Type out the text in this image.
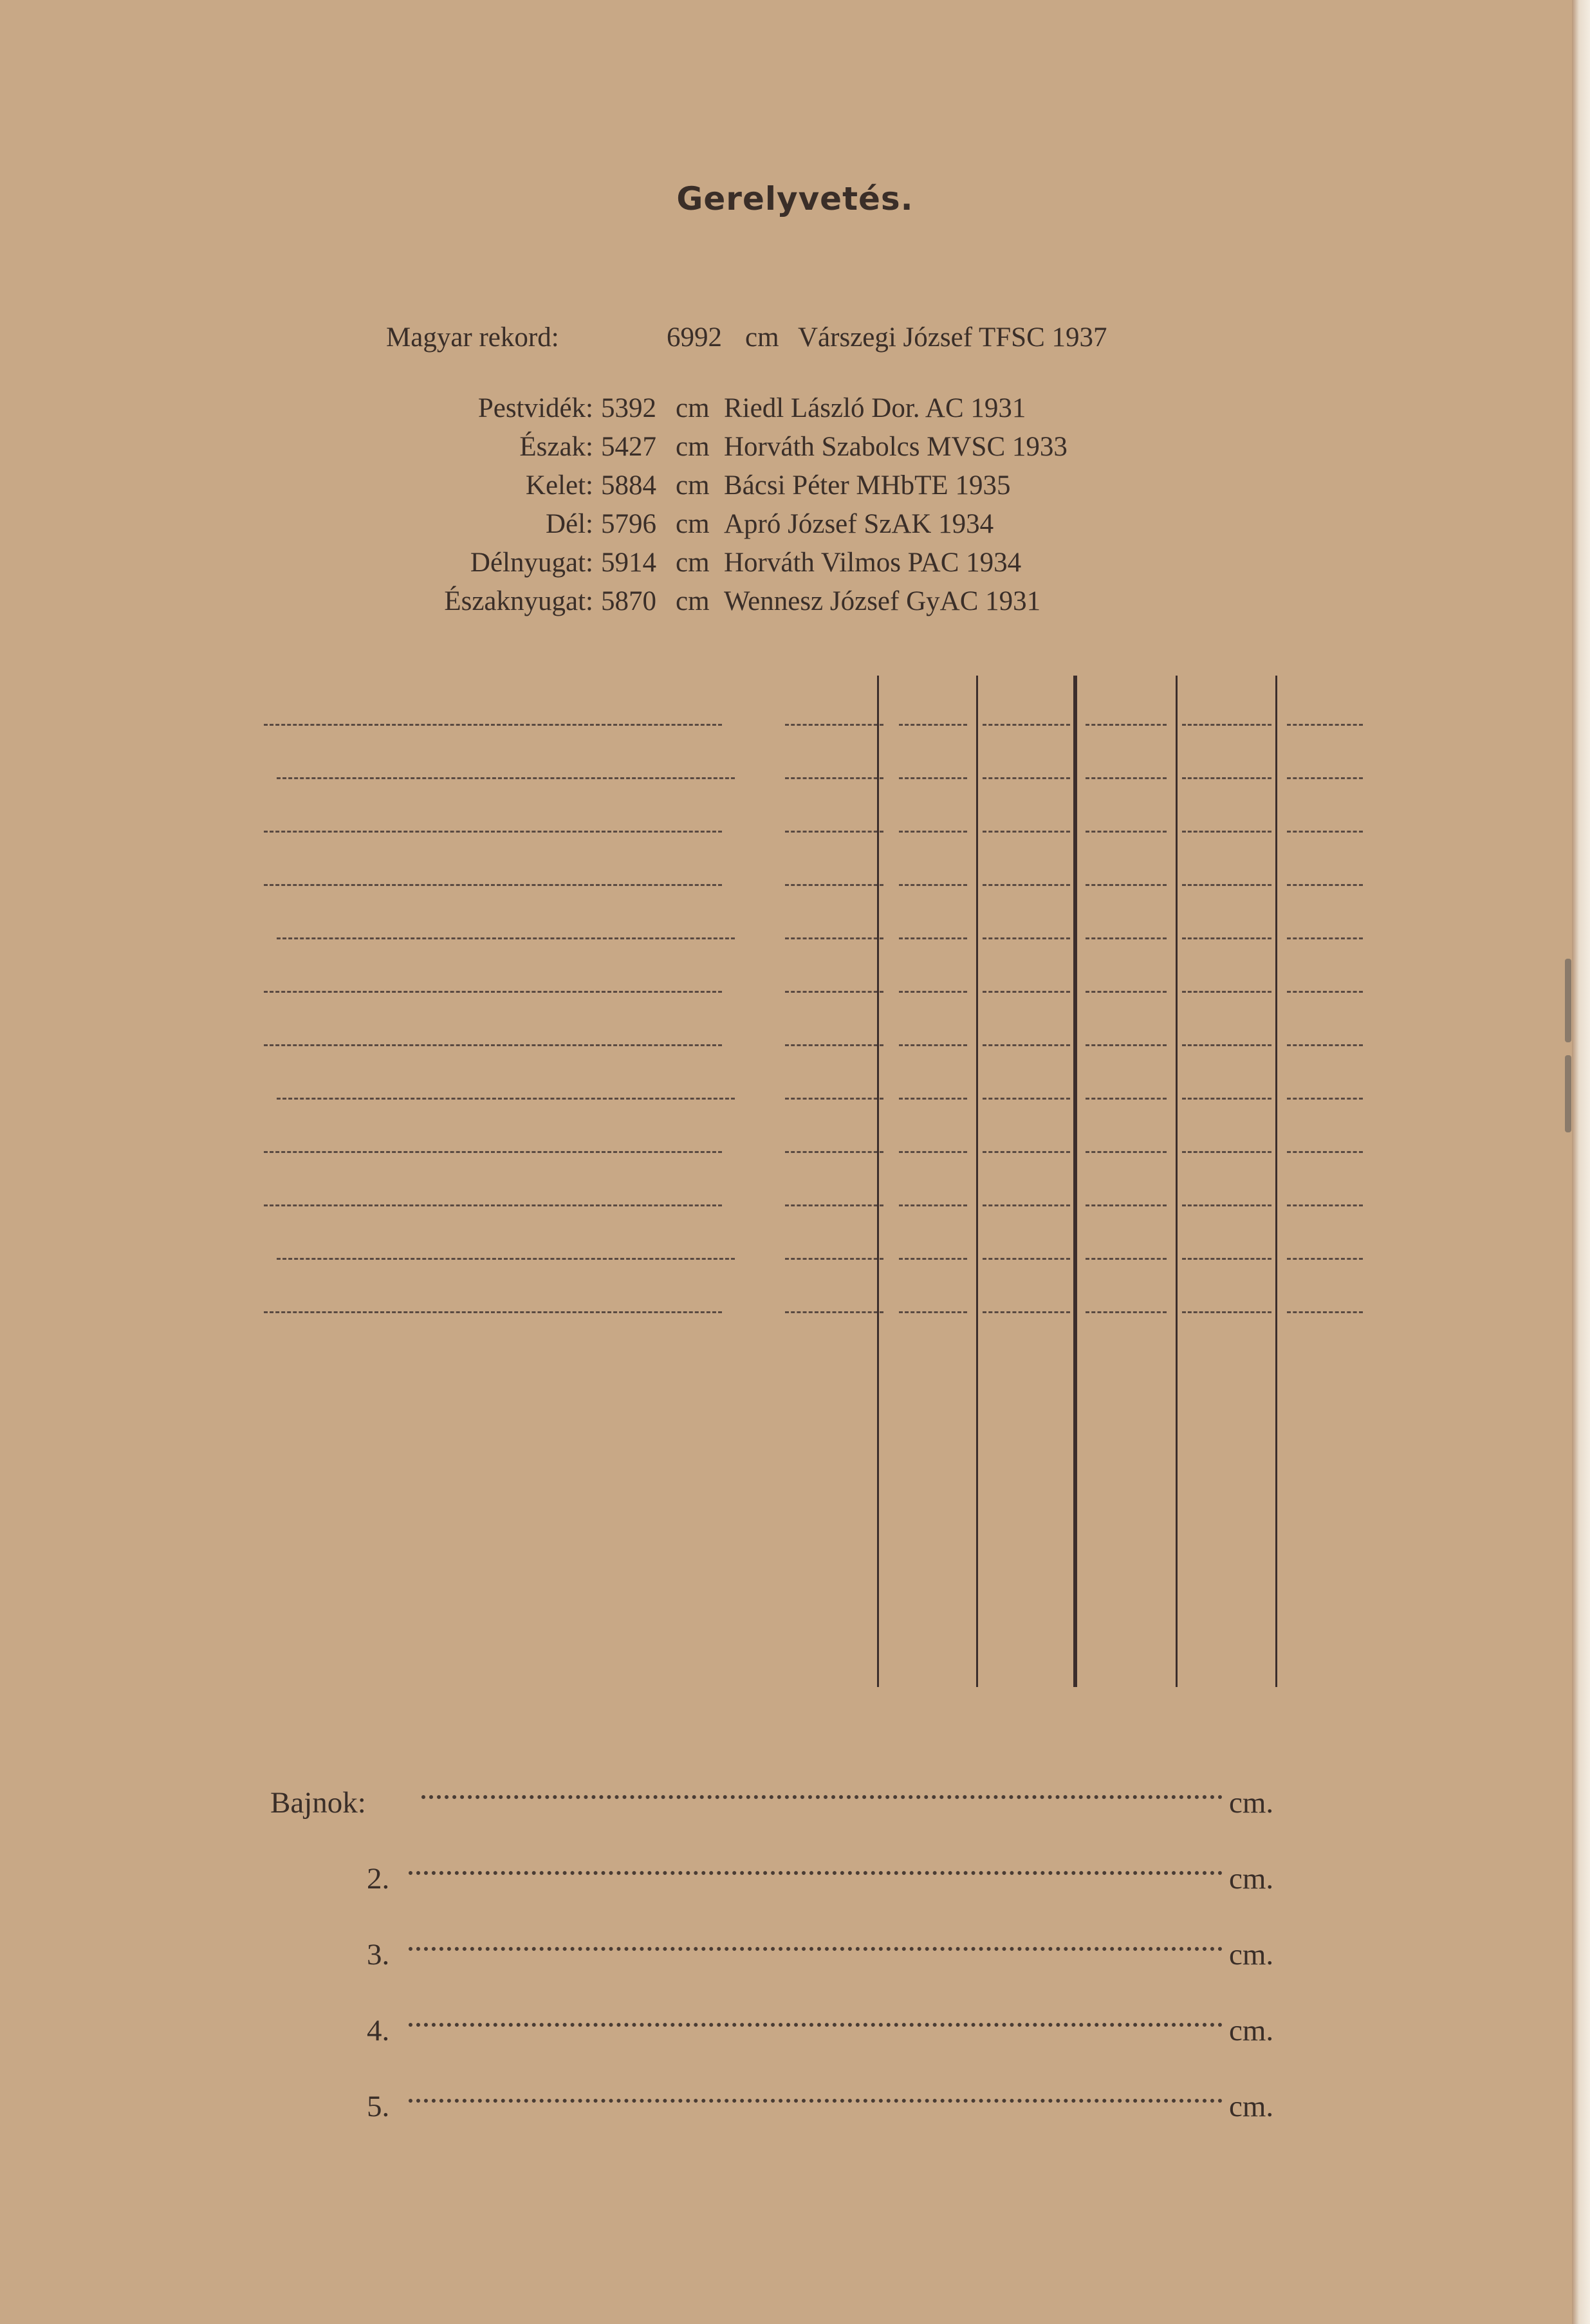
Gerelyvetés.
Magyar rekord:	6992 cm Várszegi József TFSC 1937
Pestvidék: 5392 cm Riedl László Dor. AC 1931
Észak: 5427 cm Horváth Szabolcs MVSC 1933
Kelet: 5884 cm Bácsi Péter MHbTE 1935
Dél: 5796 cm Apró József SzAK 1934
Délnyugat: 5914 cm Horváth Vilmos PAC 1934
Északnyugat: 5870 cm Wennesz József GyAC 1931
Bajnok:	cm.
2.	cm.
3.	cm.
4.	cm.
5.	cm.
